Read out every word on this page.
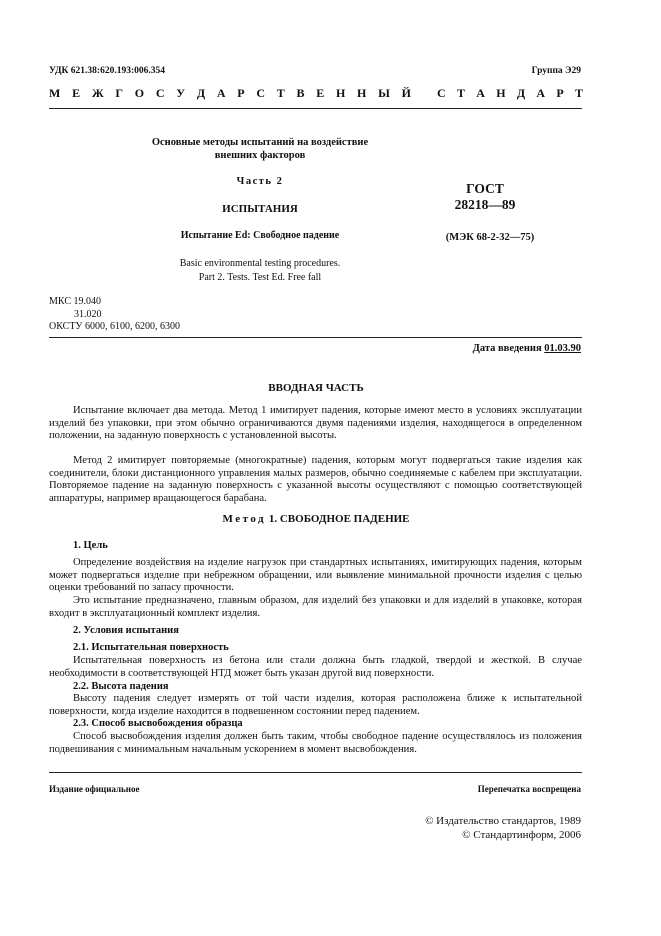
УДК 621.38:620.193:006.354	Группа Э29
М Е Ж Г О С У Д А Р С Т В Е Н Н Ы Й С Т А Н Д А Р Т
Основные методы испытаний на воздействие
внешних факторов
Часть 2
ИСПЫТАНИЯ
Испытание Ed: Свободное падение
Basic environmental testing procedures.
Part 2. Tests. Test Ed. Free fall
ГОСТ
28218—89
(МЭК 68-2-32—75)
МКС 19.040
31.020
ОКСТУ 6000, 6100, 6200, 6300
Дата введения 01.03.90
ВВОДНАЯ ЧАСТЬ
Испытание включает два метода. Метод 1 имитирует падения, которые имеют место в условиях эксплуатации изделий без упаковки, при этом обычно ограничиваются двумя падениями изделия, находящегося в определенном положении, на заданную поверхность с установленной высоты.
Метод 2 имитирует повторяемые (многократные) падения, которым могут подвергаться такие изделия как соединители, блоки дистанционного управления малых размеров, обычно соединяемые с кабелем при эксплуатации. Повторяемое падение на заданную поверхность с указанной высоты осуществляют с помощью соответствующей аппаратуры, например вращающегося барабана.
Метод 1. СВОБОДНОЕ ПАДЕНИЕ
1. Цель
Определение воздействия на изделие нагрузок при стандартных испытаниях, имитирующих падения, которым может подвергаться изделие при небрежном обращении, или выявление минимальной прочности изделия с целью оценки требований по запасу прочности.
Это испытание предназначено, главным образом, для изделий без упаковки и для изделий в упаковке, которая входит в эксплуатационный комплект изделия.
2. Условия испытания
2.1. Испытательная поверхность
Испытательная поверхность из бетона или стали должна быть гладкой, твердой и жесткой. В случае необходимости в соответствующей НТД может быть указан другой вид поверхности.
2.2. Высота падения
Высоту падения следует измерять от той части изделия, которая расположена ближе к испытательной поверхности, когда изделие находится в подвешенном состоянии перед падением.
2.3. Способ высвобождения образца
Способ высвобождения изделия должен быть таким, чтобы свободное падение осуществлялось из положения подвешивания с минимальным начальным ускорением в момент высвобождения.
Издание официальное	Перепечатка воспрещена
© Издательство стандартов, 1989
© Стандартинформ, 2006
